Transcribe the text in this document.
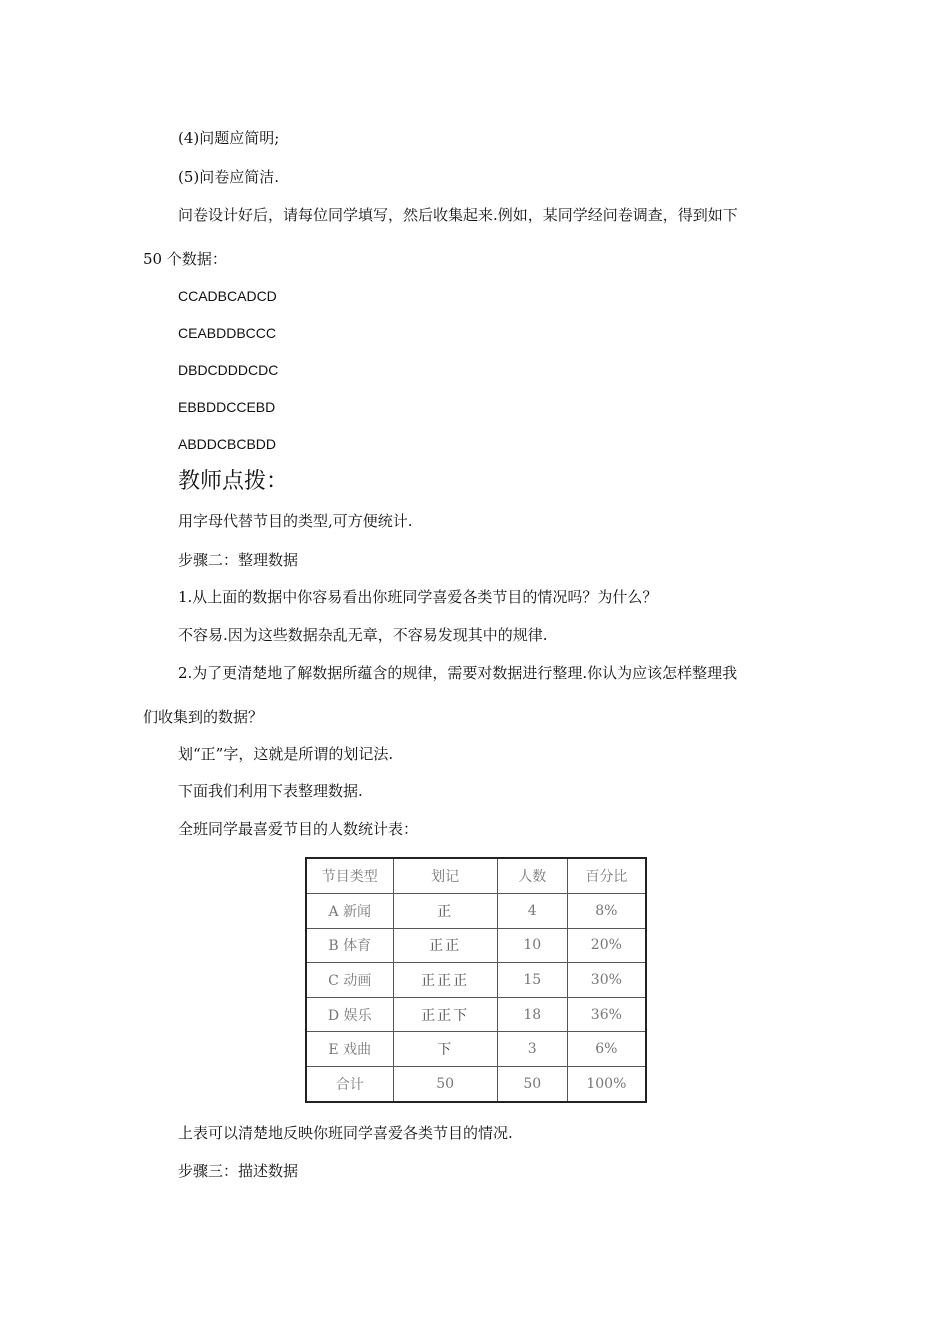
(4)问题应简明;
(5)问卷应简洁.
问卷设计好后，请每位同学填写，然后收集起来.例如，某同学经问卷调查，得到如下
50 个数据：
CCADBCADCD
CEABDDBCCC
DBDCDDDCDC
EBBDDCCEBD
ABDDCBCBDD
教师点拨：
用字母代替节目的类型,可方便统计.
步骤二：整理数据
1.从上面的数据中你容易看出你班同学喜爱各类节目的情况吗？为什么？
不容易.因为这些数据杂乱无章，不容易发现其中的规律.
2.为了更清楚地了解数据所蕴含的规律，需要对数据进行整理.你认为应该怎样整理我
们收集到的数据？
划“正”字，这就是所谓的划记法.
下面我们利用下表整理数据.
全班同学最喜爱节目的人数统计表：
节目类型	划记	人数	百分比
A 新闻	正	4	8%
B 体育	正正	10	20%
C 动画	正正正	15	30%
D 娱乐	正正下	18	36%
E 戏曲	下	3	6%
合计	50	50	100%
上表可以清楚地反映你班同学喜爱各类节目的情况.
步骤三：描述数据
